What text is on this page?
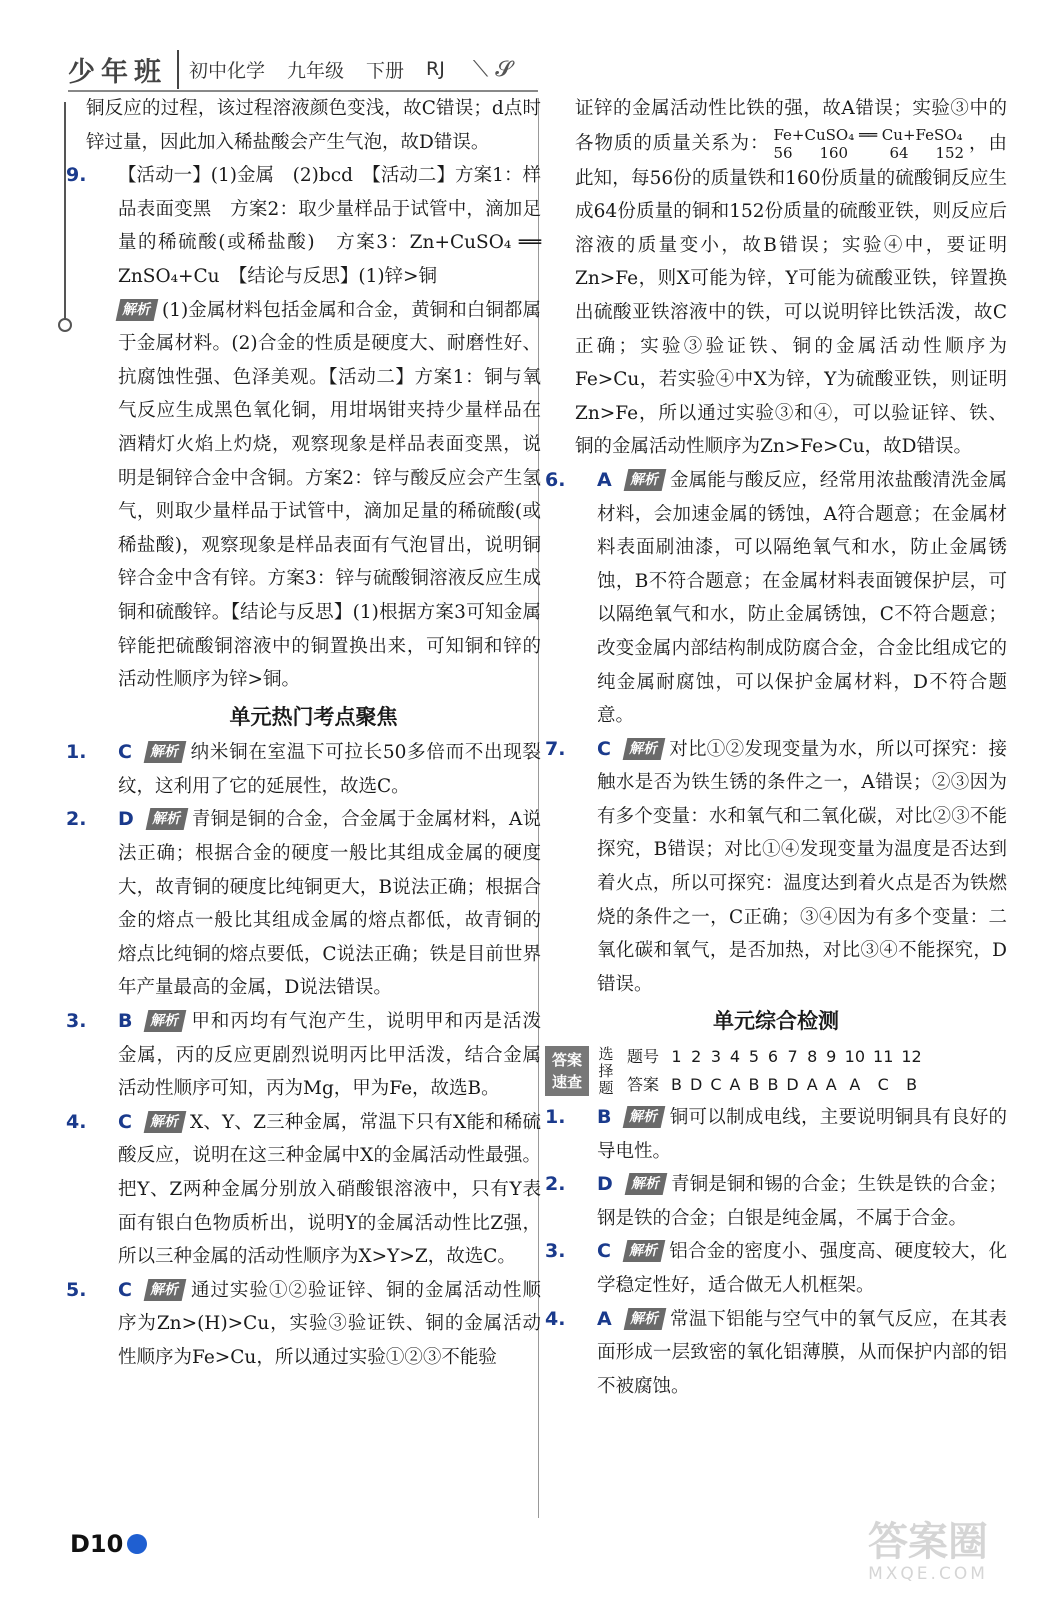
少年班	初中化学 九年级 下册 RJ ⟍ 𝓢

铜反应的过程，该过程溶液颜色变浅，故C错误；d点时锌过量，因此加入稀盐酸会产生气泡，故D错误。

9. 【活动一】(1)金属　(2)bcd　【活动二】方案1：样品表面变黑　方案2：取少量样品于试管中，滴加足量的稀硫酸(或稀盐酸)　方案3：Zn+CuSO₄ ══ ZnSO₄+Cu　【结论与反思】(1)锌>铜
解析 (1)金属材料包括金属和合金，黄铜和白铜都属于金属材料。(2)合金的性质是硬度大、耐磨性好、抗腐蚀性强、色泽美观。【活动二】方案1：铜与氧气反应生成黑色氧化铜，用坩埚钳夹持少量样品在酒精灯火焰上灼烧，观察现象是样品表面变黑，说明是铜锌合金中含铜。方案2：锌与酸反应会产生氢气，则取少量样品于试管中，滴加足量的稀硫酸(或稀盐酸)，观察现象是样品表面有气泡冒出，说明铜锌合金中含有锌。方案3：锌与硫酸铜溶液反应生成铜和硫酸锌。【结论与反思】(1)根据方案3可知金属锌能把硫酸铜溶液中的铜置换出来，可知铜和锌的活动性顺序为锌>铜。
单元热门考点聚焦
1. C 解析 纳米铜在室温下可拉长50多倍而不出现裂纹，这利用了它的延展性，故选C。
2. D 解析 青铜是铜的合金，合金属于金属材料，A说法正确；根据合金的硬度一般比其组成金属的硬度大，故青铜的硬度比纯铜更大，B说法正确；根据合金的熔点一般比其组成金属的熔点都低，故青铜的熔点比纯铜的熔点要低，C说法正确；铁是目前世界年产量最高的金属，D说法错误。
3. B 解析 甲和丙均有气泡产生，说明甲和丙是活泼金属，丙的反应更剧烈说明丙比甲活泼，结合金属活动性顺序可知，丙为Mg，甲为Fe，故选B。
4. C 解析 X、Y、Z三种金属，常温下只有X能和稀硫酸反应，说明在这三种金属中X的金属活动性最强。把Y、Z两种金属分别放入硝酸银溶液中，只有Y表面有银白色物质析出，说明Y的金属活动性比Z强，所以三种金属的活动性顺序为X>Y>Z，故选C。
5. C 解析 通过实验①②验证锌、铜的金属活动性顺序为Zn>(H)>Cu，实验③验证铁、铜的金属活动性顺序为Fe>Cu，所以通过实验①②③不能验

证锌的金属活动性比铁的强，故A错误；实验③中的各物质的质量关系为： Fe+CuSO₄ ══ Cu+FeSO₄
56 160	64 152 ，由此知，每56份的质量铁和160份质量的硫酸铜反应生成64份质量的铜和152份质量的硫酸亚铁，则反应后溶液的质量变小，故B错误；实验④中，要证明Zn>Fe，则X可能为锌，Y可能为硫酸亚铁，锌置换出硫酸亚铁溶液中的铁，可以说明锌比铁活泼，故C正确；实验③验证铁、铜的金属活动性顺序为Fe>Cu，若实验④中X为锌，Y为硫酸亚铁，则证明Zn>Fe，所以通过实验③和④，可以验证锌、铁、铜的金属活动性顺序为Zn>Fe>Cu，故D错误。

6. A 解析 金属能与酸反应，经常用浓盐酸清洗金属材料，会加速金属的锈蚀，A符合题意；在金属材料表面刷油漆，可以隔绝氧气和水，防止金属锈蚀，B不符合题意；在金属材料表面镀保护层，可以隔绝氧气和水，防止金属锈蚀，C不符合题意；改变金属内部结构制成防腐合金，合金比组成它的纯金属耐腐蚀，可以保护金属材料，D不符合题意。
7. C 解析 对比①②发现变量为水，所以可探究：接触水是否为铁生锈的条件之一，A错误；②③因为有多个变量：水和氧气和二氧化碳，对比②③不能探究，B错误；对比①④发现变量为温度是否达到着火点，所以可探究：温度达到着火点是否为铁燃烧的条件之一，C正确；③④因为有多个变量：二氧化碳和氧气，是否加热，对比③④不能探究，D错误。
单元综合检测
答案速查
选择题
题号	1	2	3	4	5	6	7	8	9	10	11	12
答案	B	D	C	A	B	B	D	A	A	A	C	B
1. B 解析 铜可以制成电线，主要说明铜具有良好的导电性。
2. D 解析 青铜是铜和锡的合金；生铁是铁的合金；钢是铁的合金；白银是纯金属，不属于合金。
3. C 解析 铝合金的密度小、强度高、硬度较大，化学稳定性好，适合做无人机框架。
4. A 解析 常温下铝能与空气中的氧气反应，在其表面形成一层致密的氧化铝薄膜，从而保护内部的铝不被腐蚀。
D10	答案圈
MXQE.COM
